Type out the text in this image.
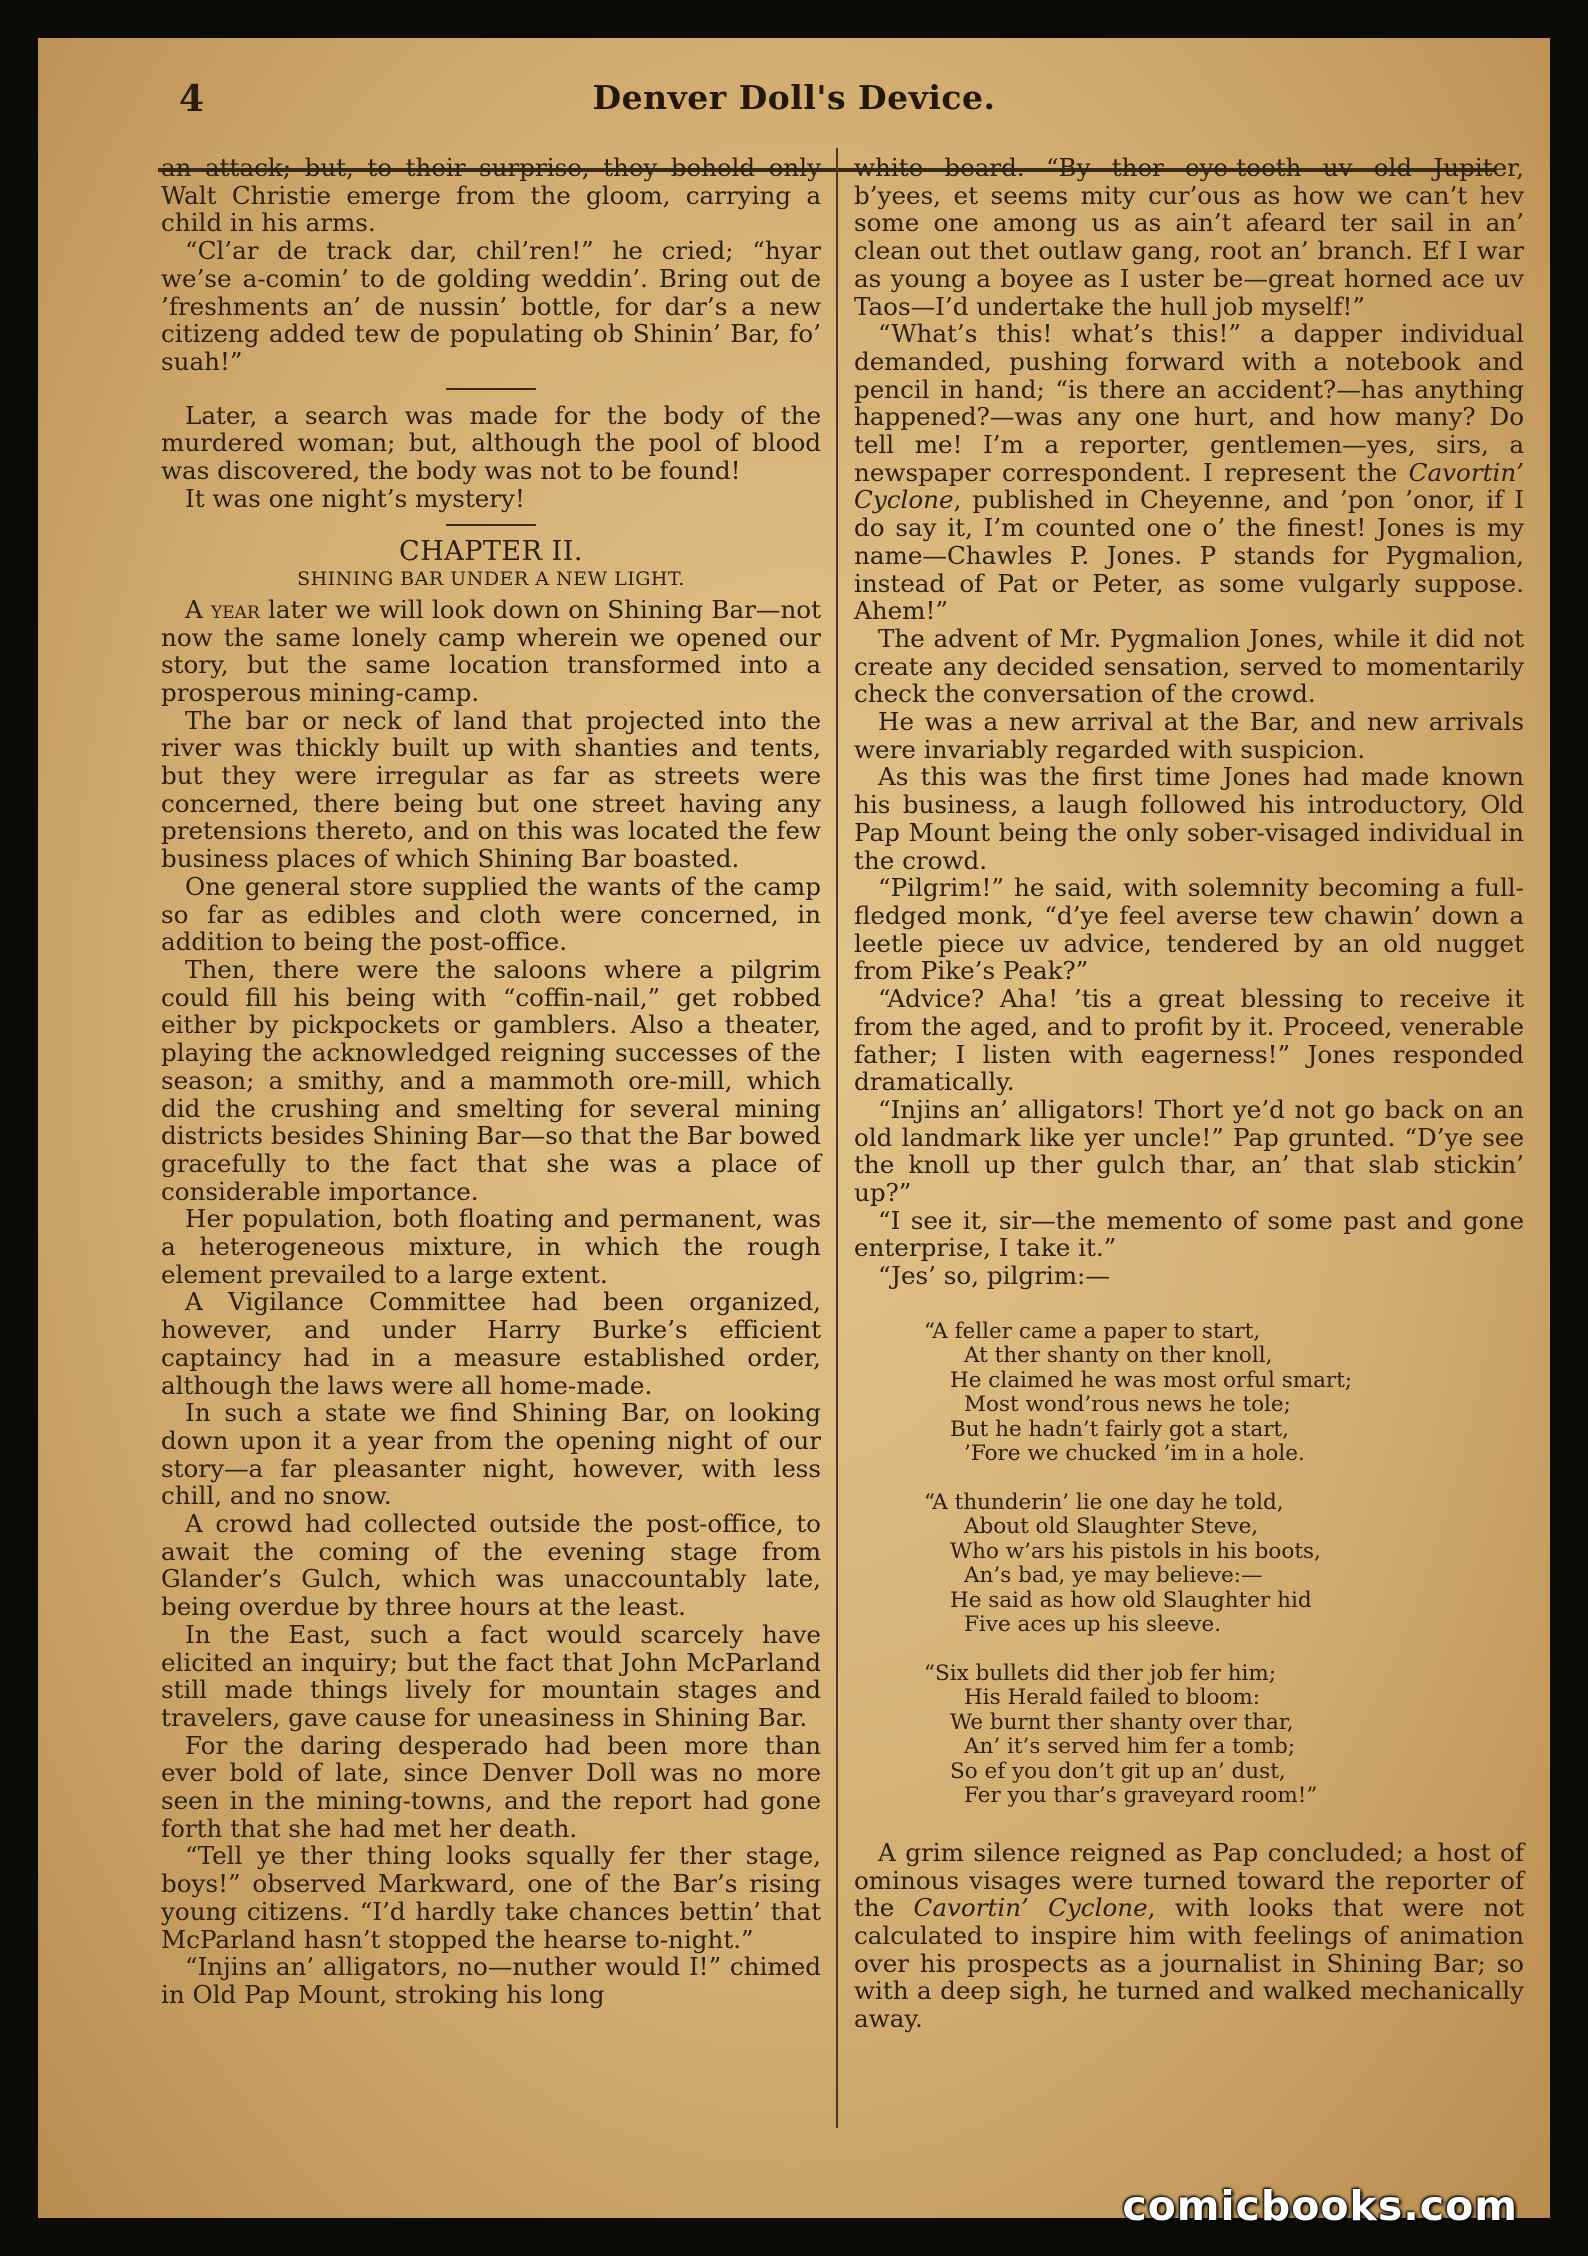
4	Denver Doll's Device.

an attack; but, to their surprise, they beheld only Walt Christie emerge from the gloom, carrying a child in his arms.

“Cl’ar de track dar, chil’ren!” he cried; “hyar we’se a-comin’ to de golding weddin’. Bring out de ’freshments an’ de nussin’ bottle, for dar’s a new citizeng added tew de populating ob Shinin’ Bar, fo’ suah!”

Later, a search was made for the body of the murdered woman; but, although the pool of blood was discovered, the body was not to be found!

It was one night’s mystery!

CHAPTER II.
SHINING BAR UNDER A NEW LIGHT.

A year later we will look down on Shining Bar—not now the same lonely camp wherein we opened our story, but the same location transformed into a prosperous mining-camp.

The bar or neck of land that projected into the river was thickly built up with shanties and tents, but they were irregular as far as streets were concerned, there being but one street having any pretensions thereto, and on this was located the few business places of which Shining Bar boasted.

One general store supplied the wants of the camp so far as edibles and cloth were concerned, in addition to being the post-office.

Then, there were the saloons where a pilgrim could fill his being with “coffin-nail,” get robbed either by pickpockets or gamblers. Also a theater, playing the acknowledged reigning successes of the season; a smithy, and a mammoth ore-mill, which did the crushing and smelting for several mining districts besides Shining Bar—so that the Bar bowed gracefully to the fact that she was a place of considerable importance.

Her population, both floating and permanent, was a heterogeneous mixture, in which the rough element prevailed to a large extent.

A Vigilance Committee had been organized, however, and under Harry Burke’s efficient captaincy had in a measure established order, although the laws were all home-made.

In such a state we find Shining Bar, on looking down upon it a year from the opening night of our story—a far pleasanter night, however, with less chill, and no snow.

A crowd had collected outside the post-office, to await the coming of the evening stage from Glander’s Gulch, which was unaccountably late, being overdue by three hours at the least.

In the East, such a fact would scarcely have elicited an inquiry; but the fact that John McParland still made things lively for mountain stages and travelers, gave cause for uneasiness in Shining Bar.

For the daring desperado had been more than ever bold of late, since Denver Doll was no more seen in the mining-towns, and the report had gone forth that she had met her death.

“Tell ye ther thing looks squally fer ther stage, boys!” observed Markward, one of the Bar’s rising young citizens. “I’d hardly take chances bettin’ that McParland hasn’t stopped the hearse to-night.”

“Injins an’ alligators, no—nuther would I!” chimed in Old Pap Mount, stroking his long

white beard. “By ther eye-tooth uv old Jupiter, b’yees, et seems mity cur’ous as how we can’t hev some one among us as ain’t afeard ter sail in an’ clean out thet outlaw gang, root an’ branch. Ef I war as young a boyee as I uster be—great horned ace uv Taos—I’d undertake the hull job myself!”

“What’s this! what’s this!” a dapper individual demanded, pushing forward with a notebook and pencil in hand; “is there an accident?—has anything happened?—was any one hurt, and how many? Do tell me! I’m a reporter, gentlemen—yes, sirs, a newspaper correspondent. I represent the Cavortin’ Cyclone, published in Cheyenne, and ’pon ’onor, if I do say it, I’m counted one o’ the finest! Jones is my name—Chawles P. Jones. P stands for Pygmalion, instead of Pat or Peter, as some vulgarly suppose. Ahem!”

The advent of Mr. Pygmalion Jones, while it did not create any decided sensation, served to momentarily check the conversation of the crowd.

He was a new arrival at the Bar, and new arrivals were invariably regarded with suspicion.

As this was the first time Jones had made known his business, a laugh followed his introductory, Old Pap Mount being the only sober-visaged individual in the crowd.

“Pilgrim!” he said, with solemnity becoming a full-fledged monk, “d’ye feel averse tew chawin’ down a leetle piece uv advice, tendered by an old nugget from Pike’s Peak?”

“Advice? Aha! ’tis a great blessing to receive it from the aged, and to profit by it. Proceed, venerable father; I listen with eagerness!” Jones responded dramatically.

“Injins an’ alligators! Thort ye’d not go back on an old landmark like yer uncle!” Pap grunted. “D’ye see the knoll up ther gulch thar, an’ that slab stickin’ up?”

“I see it, sir—the memento of some past and gone enterprise, I take it.”

“Jes’ so, pilgrim:—

“A feller came a paper to start,
At ther shanty on ther knoll,
He claimed he was most orful smart;
Most wond’rous news he tole;
But he hadn’t fairly got a start,
’Fore we chucked ’im in a hole.
“A thunderin’ lie one day he told,
About old Slaughter Steve,
Who w’ars his pistols in his boots,
An’s bad, ye may believe:—
He said as how old Slaughter hid
Five aces up his sleeve.
“Six bullets did ther job fer him;
His Herald failed to bloom:
We burnt ther shanty over thar,
An’ it’s served him fer a tomb;
So ef you don’t git up an’ dust,
Fer you thar’s graveyard room!”

A grim silence reigned as Pap concluded; a host of ominous visages were turned toward the reporter of the Cavortin’ Cyclone, with looks that were not calculated to inspire him with feelings of animation over his prospects as a journalist in Shining Bar; so with a deep sigh, he turned and walked mechanically away.

comicbooks.com
